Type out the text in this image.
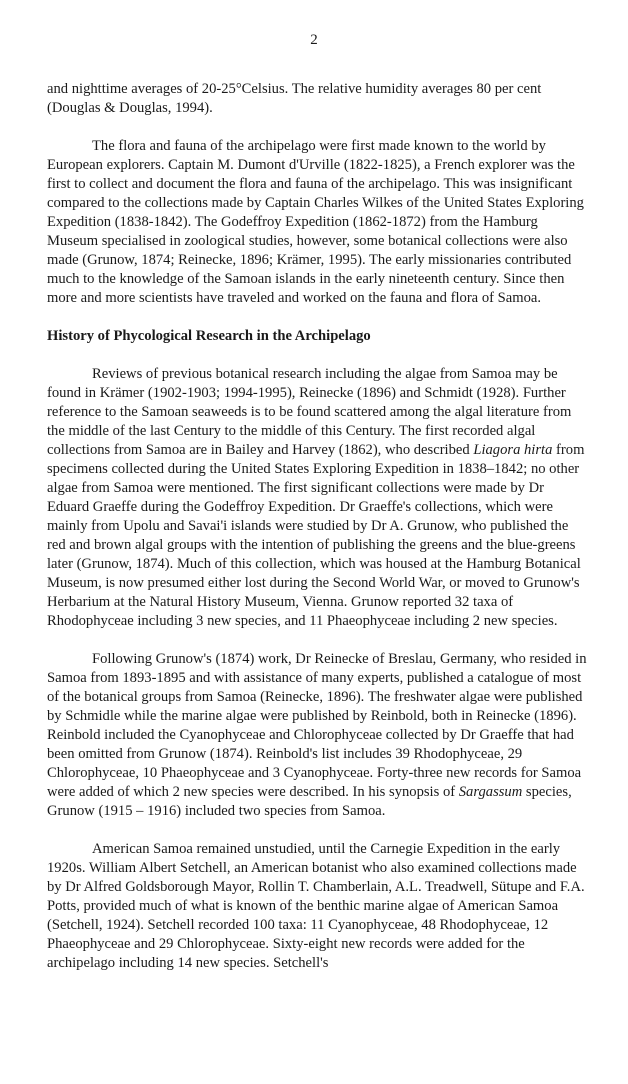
2

and nighttime averages of 20-25°Celsius. The relative humidity averages 80 per cent (Douglas & Douglas, 1994).

The flora and fauna of the archipelago were first made known to the world by European explorers. Captain M. Dumont d'Urville (1822-1825), a French explorer was the first to collect and document the flora and fauna of the archipelago. This was insignificant compared to the collections made by Captain Charles Wilkes of the United States Exploring Expedition (1838-1842). The Godeffroy Expedition (1862-1872) from the Hamburg Museum specialised in zoological studies, however, some botanical collections were also made (Grunow, 1874; Reinecke, 1896; Krämer, 1995). The early missionaries contributed much to the knowledge of the Samoan islands in the early nineteenth century. Since then more and more scientists have traveled and worked on the fauna and flora of Samoa.

History of Phycological Research in the Archipelago

Reviews of previous botanical research including the algae from Samoa may be found in Krämer (1902-1903; 1994-1995), Reinecke (1896) and Schmidt (1928). Further reference to the Samoan seaweeds is to be found scattered among the algal literature from the middle of the last Century to the middle of this Century. The first recorded algal collections from Samoa are in Bailey and Harvey (1862), who described Liagora hirta from specimens collected during the United States Exploring Expedition in 1838–1842; no other algae from Samoa were mentioned. The first significant collections were made by Dr Eduard Graeffe during the Godeffroy Expedition. Dr Graeffe's collections, which were mainly from Upolu and Savai'i islands were studied by Dr A. Grunow, who published the red and brown algal groups with the intention of publishing the greens and the blue-greens later (Grunow, 1874). Much of this collection, which was housed at the Hamburg Botanical Museum, is now presumed either lost during the Second World War, or moved to Grunow's Herbarium at the Natural History Museum, Vienna. Grunow reported 32 taxa of Rhodophyceae including 3 new species, and 11 Phaeophyceae including 2 new species.

Following Grunow's (1874) work, Dr Reinecke of Breslau, Germany, who resided in Samoa from 1893-1895 and with assistance of many experts, published a catalogue of most of the botanical groups from Samoa (Reinecke, 1896). The freshwater algae were published by Schmidle while the marine algae were published by Reinbold, both in Reinecke (1896). Reinbold included the Cyanophyceae and Chlorophyceae collected by Dr Graeffe that had been omitted from Grunow (1874). Reinbold's list includes 39 Rhodophyceae, 29 Chlorophyceae, 10 Phaeophyceae and 3 Cyanophyceae. Forty-three new records for Samoa were added of which 2 new species were described. In his synopsis of Sargassum species, Grunow (1915 – 1916) included two species from Samoa.

American Samoa remained unstudied, until the Carnegie Expedition in the early 1920s. William Albert Setchell, an American botanist who also examined collections made by Dr Alfred Goldsborough Mayor, Rollin T. Chamberlain, A.L. Treadwell, Sütupe and F.A. Potts, provided much of what is known of the benthic marine algae of American Samoa (Setchell, 1924). Setchell recorded 100 taxa: 11 Cyanophyceae, 48 Rhodophyceae, 12 Phaeophyceae and 29 Chlorophyceae. Sixty-eight new records were added for the archipelago including 14 new species. Setchell's
